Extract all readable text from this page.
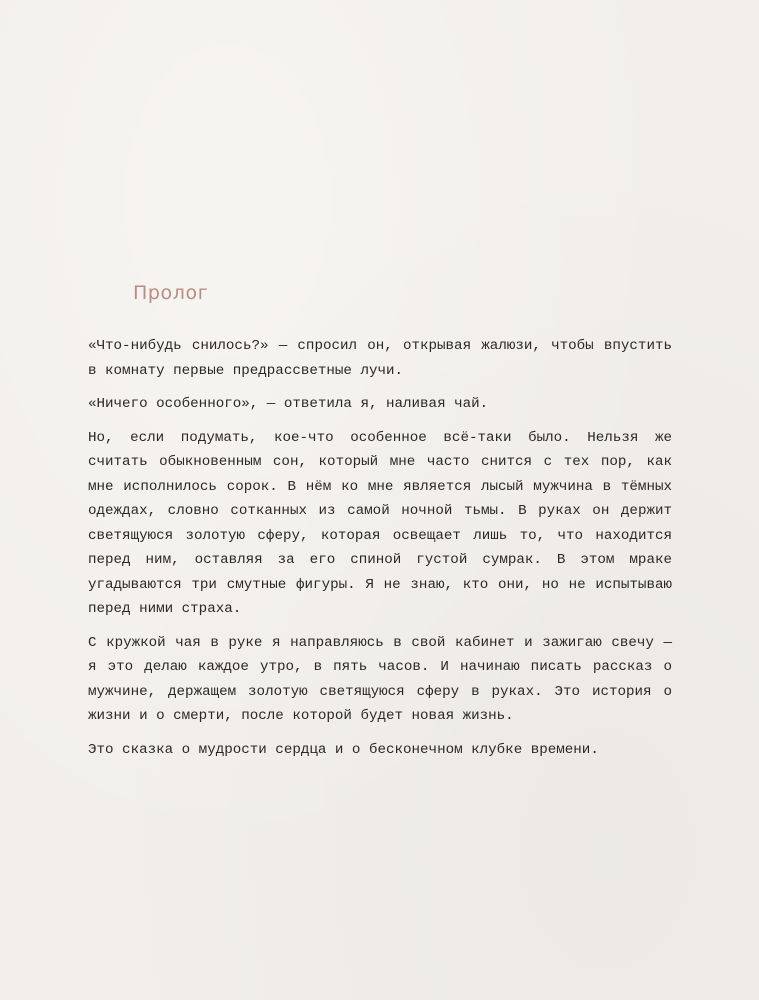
Пролог

«Что-нибудь снилось?» — спросил он, открывая жалюзи, чтобы впустить в комнату первые предрассветные лучи.

«Ничего особенного», — ответила я, наливая чай.

Но, если подумать, кое-что особенное всё-таки было. Нельзя же считать обыкновенным сон, который мне часто снится с тех пор, как мне исполнилось сорок. В нём ко мне является лысый мужчина в тёмных одеждах, словно сотканных из самой ночной тьмы. В руках он держит светящуюся золотую сферу, которая освещает лишь то, что находится перед ним, оставляя за его спиной густой сумрак. В этом мраке угадываются три смутные фигуры. Я не знаю, кто они, но не испытываю перед ними страха.

С кружкой чая в руке я направляюсь в свой кабинет и зажигаю свечу — я это делаю каждое утро, в пять часов. И начинаю писать рассказ о мужчине, держащем золотую светящуюся сферу в руках. Это история о жизни и о смерти, после которой будет новая жизнь.

Это сказка о мудрости сердца и о бесконечном клубке времени.
